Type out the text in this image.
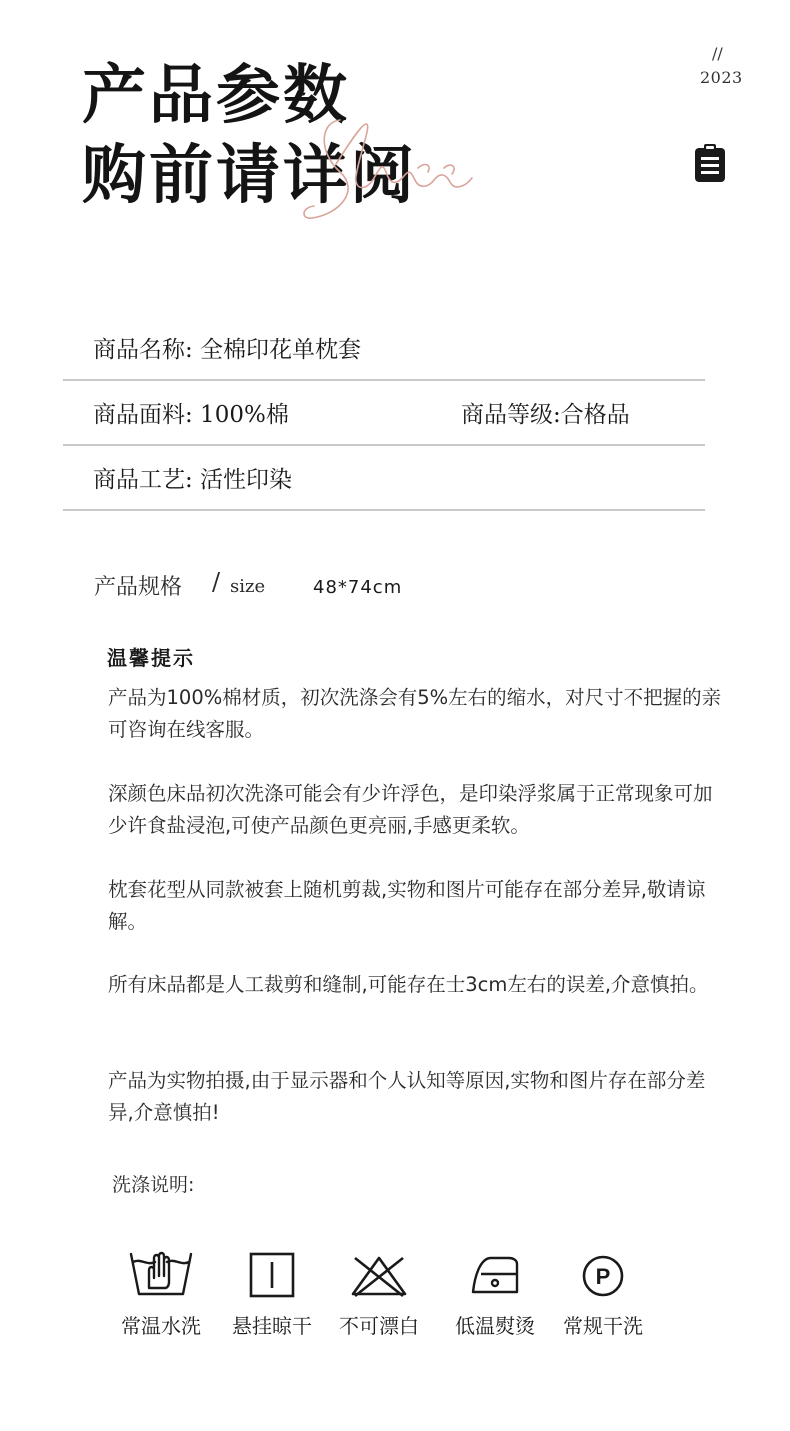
产品参数
购前请详阅
//
2023
商品名称: 全棉印花单枕套
商品面料: 100%棉	商品等级:合格品
商品工艺: 活性印染
产品规格 / size	48*74cm
温馨提示

产品为100%棉材质，初次洗涤会有5%左右的缩水，对尺寸不把握的亲可咨询在线客服。

深颜色床品初次洗涤可能会有少许浮色，是印染浮浆属于正常现象可加少许食盐浸泡,可使产品颜色更亮丽,手感更柔软。

枕套花型从同款被套上随机剪裁,实物和图片可能存在部分差异,敬请谅解。

所有床品都是人工裁剪和缝制,可能存在士3cm左右的误差,介意慎拍。

产品为实物拍摄,由于显示器和个人认知等原因,实物和图片存在部分差异,介意慎拍!

洗涤说明:
常温水洗	悬挂晾干	不可漂白	低温熨烫
P
常规干洗
